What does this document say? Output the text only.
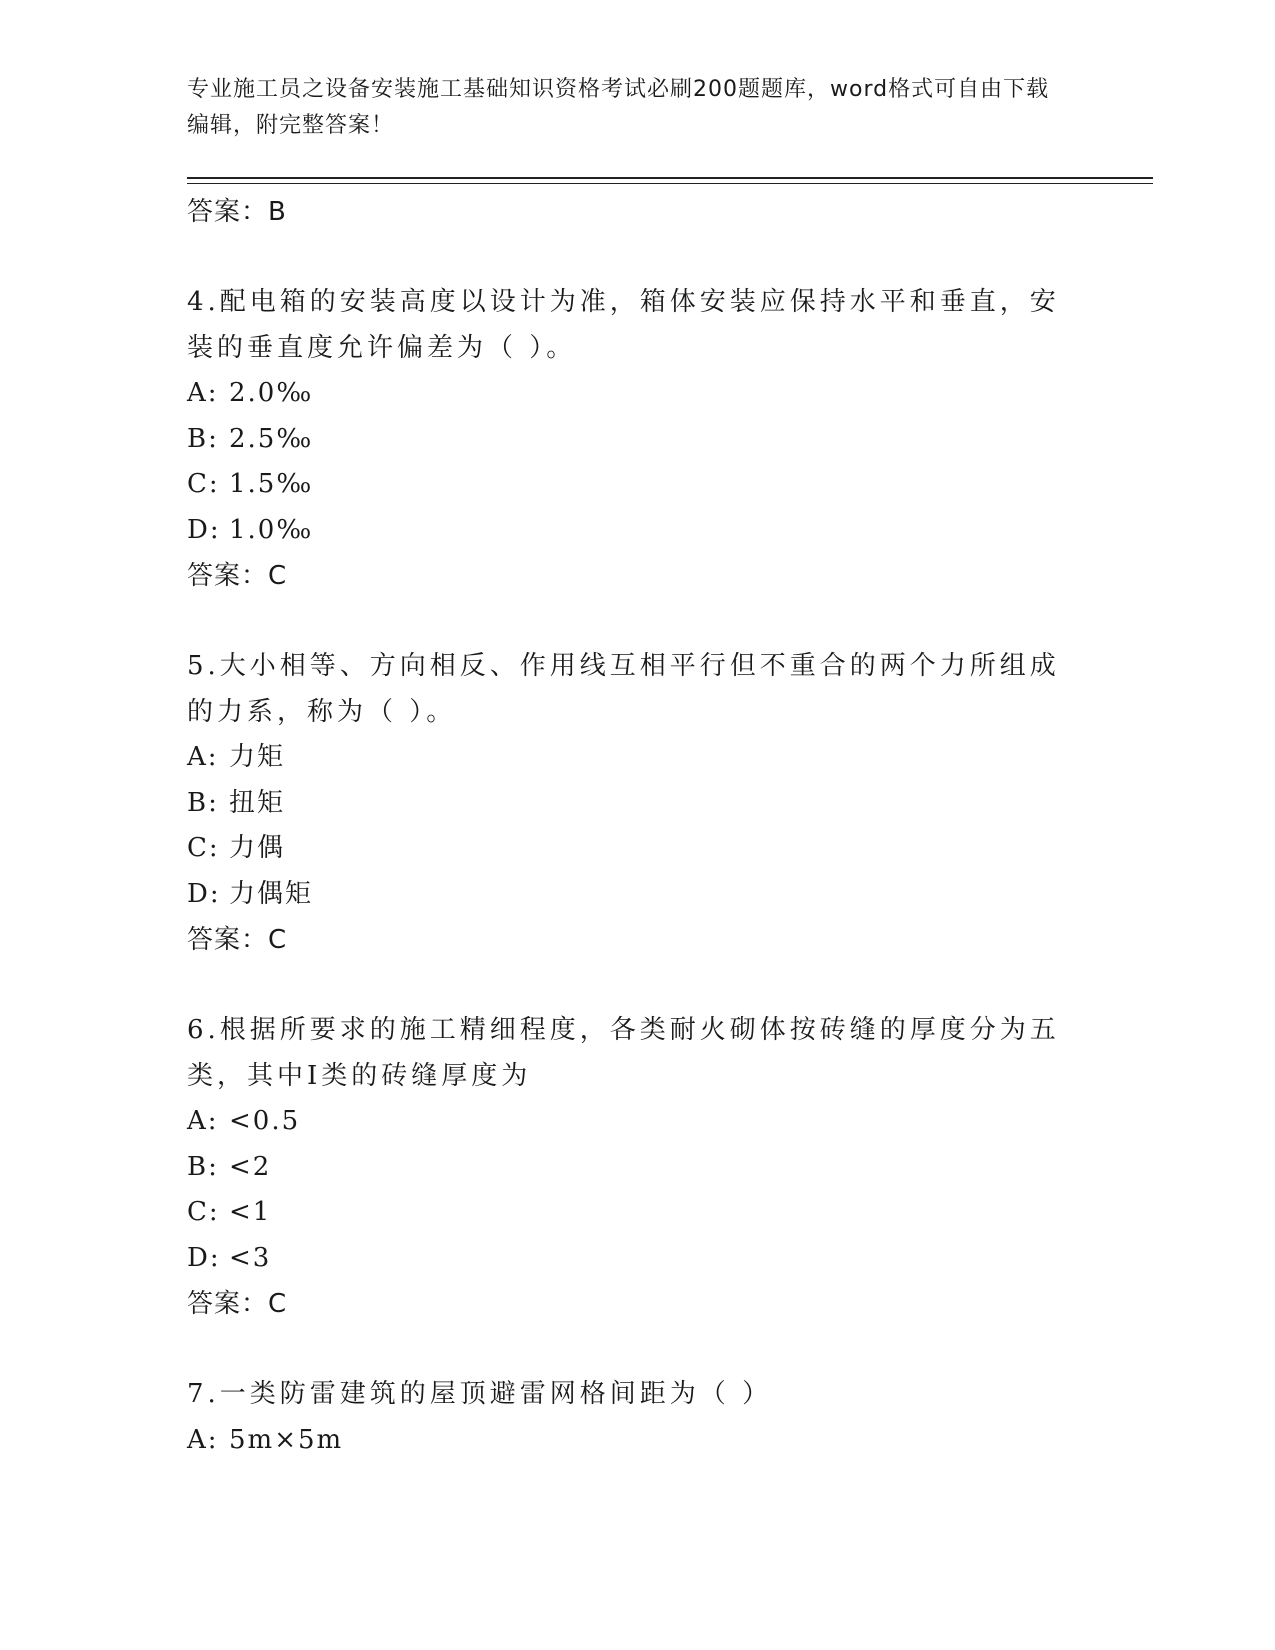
专业施工员之设备安装施工基础知识资格考试必刷200题题库，word格式可自由下载编辑，附完整答案！
答案：B
4.配电箱的安装高度以设计为准，箱体安装应保持水平和垂直，安装的垂直度允许偏差为（ ）。
A: 2.0‰
B: 2.5‰
C: 1.5‰
D: 1.0‰
答案：C
5.大小相等、方向相反、作用线互相平行但不重合的两个力所组成的力系，称为（ ）。
A: 力矩
B: 扭矩
C: 力偶
D: 力偶矩
答案：C
6.根据所要求的施工精细程度，各类耐火砌体按砖缝的厚度分为五类，其中Ⅰ类的砖缝厚度为
A: <0.5
B: <2
C: <1
D: <3
答案：C
7.一类防雷建筑的屋顶避雷网格间距为（ ）
A: 5m×5m
